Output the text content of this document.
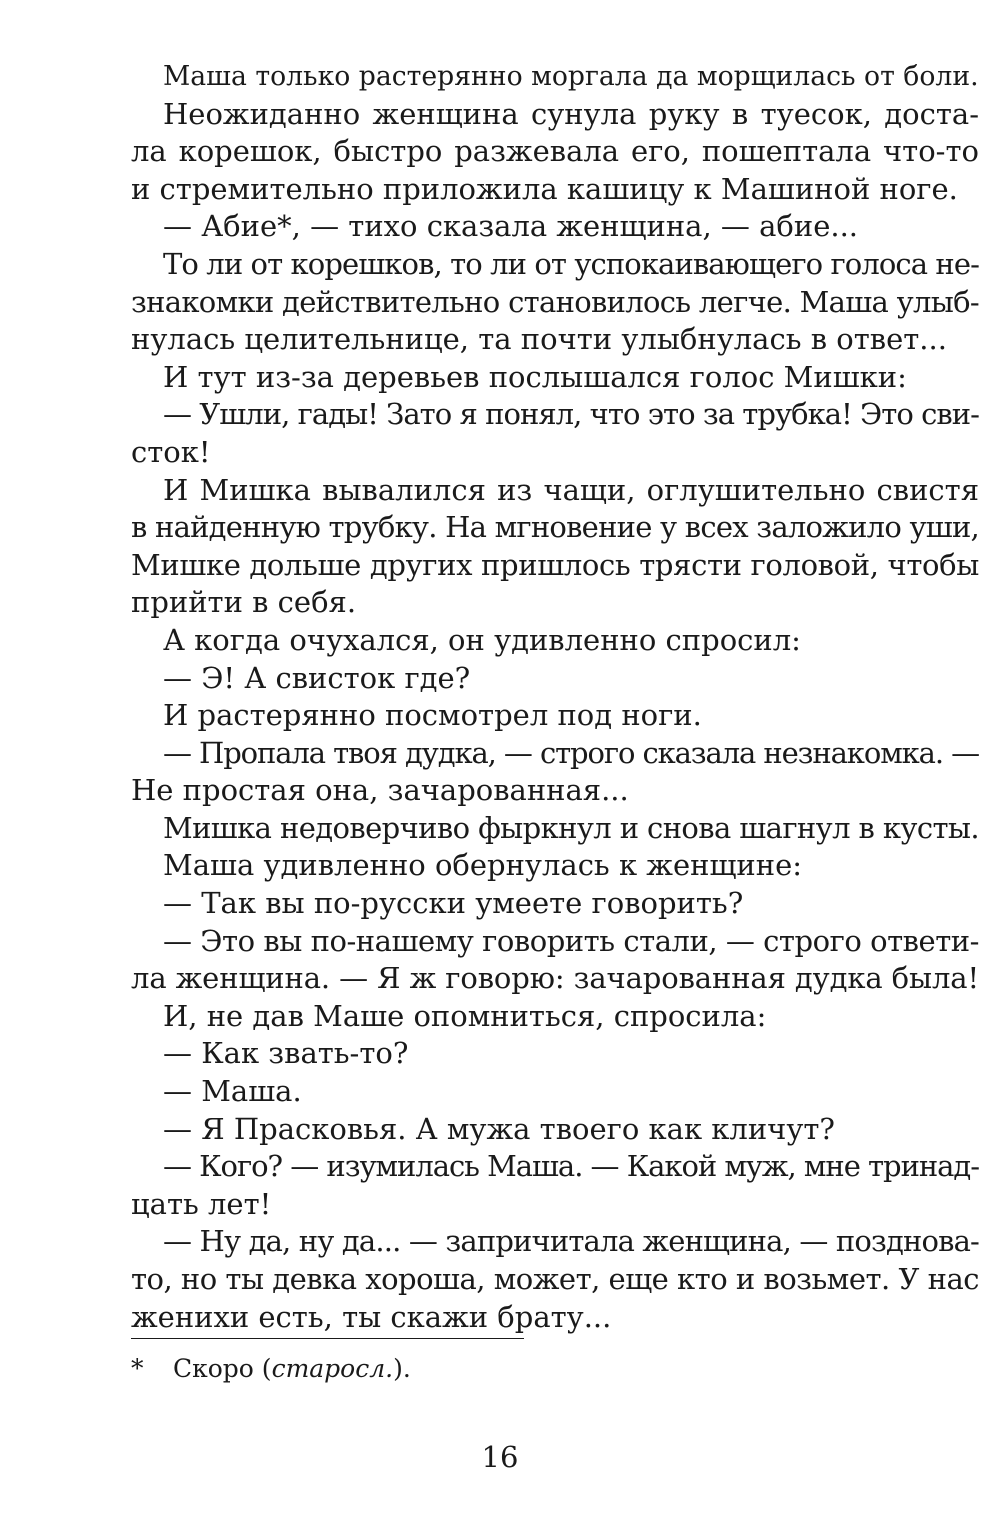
Маша только растерянно моргала да морщилась от боли.
Неожиданно женщина сунула руку в туесок, доста-
ла корешок, быстро разжевала его, пошептала что-то
и стремительно приложила кашицу к Машиной ноге.
— Абие*, — тихо сказала женщина, — абие...
То ли от корешков, то ли от успокаивающего голоса не-
знакомки действительно становилось легче. Маша улыб-
нулась целительнице, та почти улыбнулась в ответ...
И тут из-за деревьев послышался голос Мишки:
— Ушли, гады! Зато я понял, что это за трубка! Это сви-
сток!
И Мишка вывалился из чащи, оглушительно свистя
в найденную трубку. На мгновение у всех заложило уши,
Мишке дольше других пришлось трясти головой, чтобы
прийти в себя.
А когда очухался, он удивленно спросил:
— Э! А свисток где?
И растерянно посмотрел под ноги.
— Пропала твоя дудка, — строго сказала незнакомка. —
Не простая она, зачарованная...
Мишка недоверчиво фыркнул и снова шагнул в кусты.
Маша удивленно обернулась к женщине:
— Так вы по-русски умеете говорить?
— Это вы по-нашему говорить стали, — строго ответи-
ла женщина. — Я ж говорю: зачарованная дудка была!
И, не дав Маше опомниться, спросила:
— Как звать-то?
— Маша.
— Я Прасковья. А мужа твоего как кличут?
— Кого? — изумилась Маша. — Какой муж, мне тринад-
цать лет!
— Ну да, ну да... — запричитала женщина, — позднова-
то, но ты девка хороша, может, еще кто и возьмет. У нас
женихи есть, ты скажи брату...
* Скоро (старосл.).
16
